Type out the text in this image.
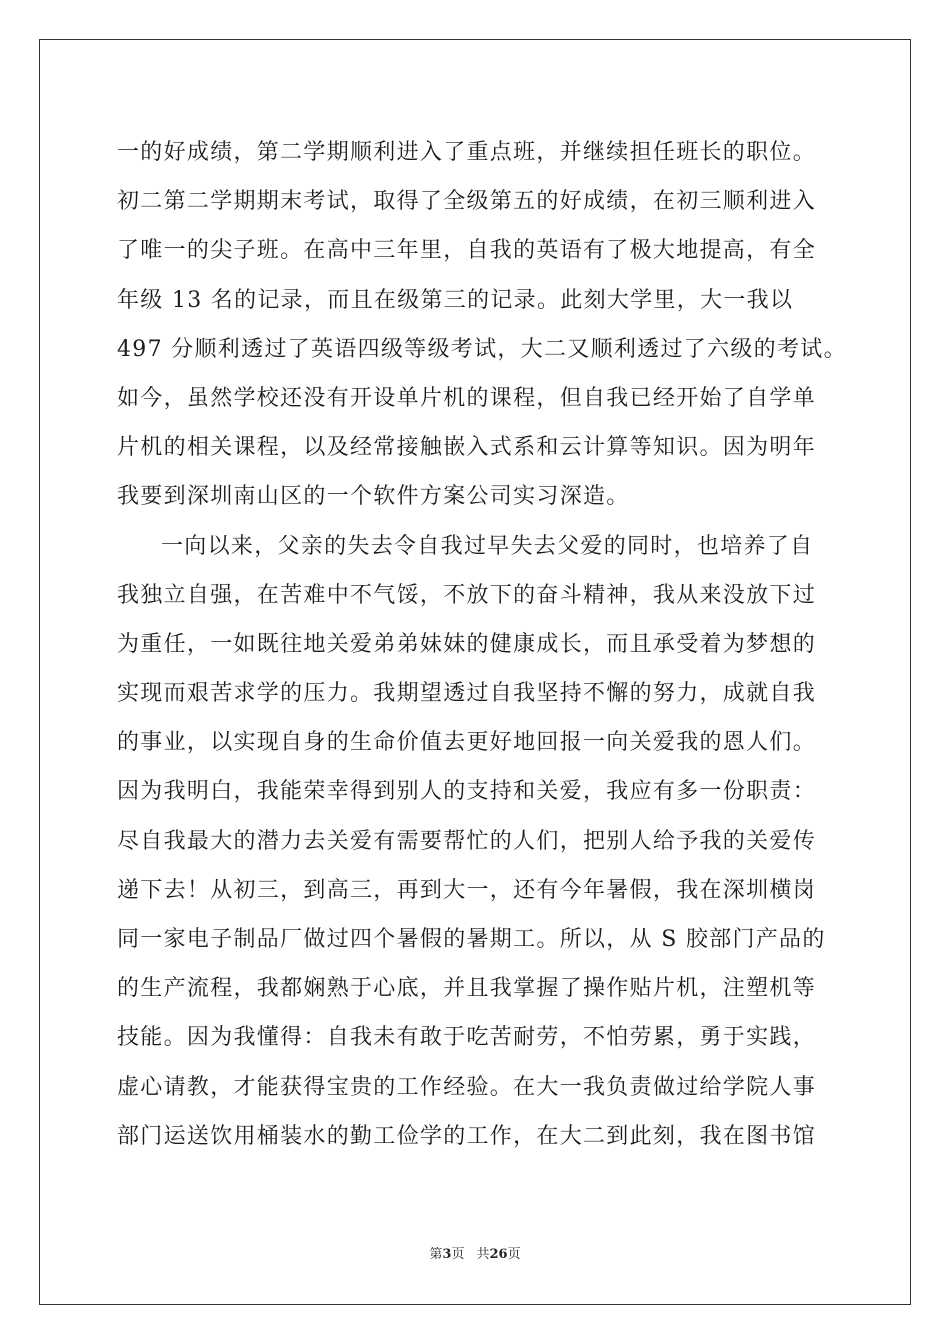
一的好成绩，第二学期顺利进入了重点班，并继续担任班长的职位。
初二第二学期期末考试，取得了全级第五的好成绩，在初三顺利进入
了唯一的尖子班。在高中三年里，自我的英语有了极大地提高，有全
年级 13 名的记录，而且在级第三的记录。此刻大学里，大一我以
497 分顺利透过了英语四级等级考试，大二又顺利透过了六级的考试。
如今，虽然学校还没有开设单片机的课程，但自我已经开始了自学单
片机的相关课程，以及经常接触嵌入式系和云计算等知识。因为明年
我要到深圳南山区的一个软件方案公司实习深造。
一向以来，父亲的失去令自我过早失去父爱的同时，也培养了自
我独立自强，在苦难中不气馁，不放下的奋斗精神，我从来没放下过
为重任，一如既往地关爱弟弟妹妹的健康成长，而且承受着为梦想的
实现而艰苦求学的压力。我期望透过自我坚持不懈的努力，成就自我
的事业，以实现自身的生命价值去更好地回报一向关爱我的恩人们。
因为我明白，我能荣幸得到别人的支持和关爱，我应有多一份职责：
尽自我最大的潜力去关爱有需要帮忙的人们，把别人给予我的关爱传
递下去！从初三，到高三，再到大一，还有今年暑假，我在深圳横岗
同一家电子制品厂做过四个暑假的暑期工。所以，从 S 胶部门产品的
的生产流程，我都娴熟于心底，并且我掌握了操作贴片机，注塑机等
技能。因为我懂得：自我未有敢于吃苦耐劳，不怕劳累，勇于实践，
虚心请教，才能获得宝贵的工作经验。在大一我负责做过给学院人事
部门运送饮用桶装水的勤工俭学的工作，在大二到此刻，我在图书馆
第3页 共26页
